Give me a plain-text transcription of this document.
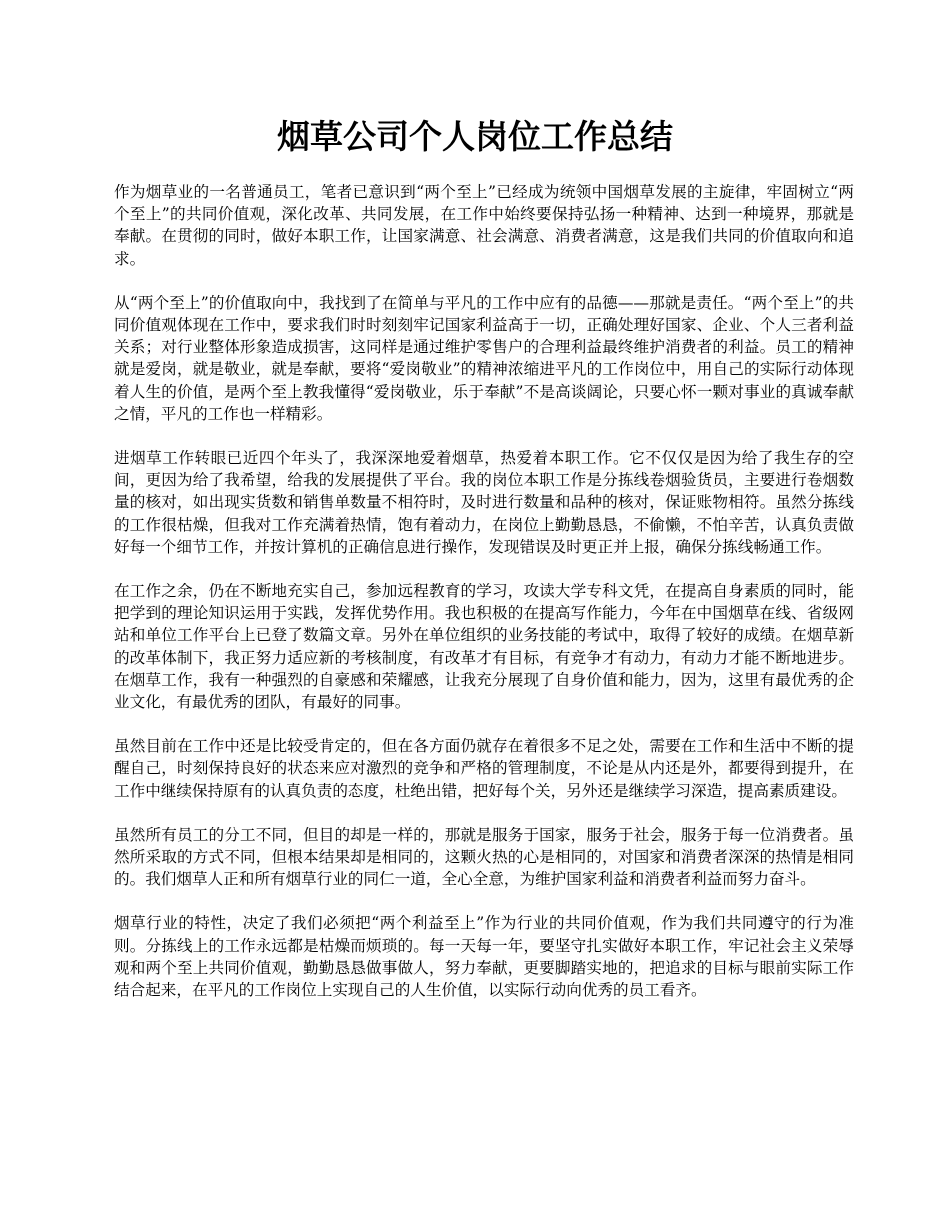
烟草公司个人岗位工作总结

作为烟草业的一名普通员工，笔者已意识到“两个至上”已经成为统领中国烟草发展的主旋律，牢固树立“两个至上”的共同价值观，深化改革、共同发展，在工作中始终要保持弘扬一种精神、达到一种境界，那就是奉献。在贯彻的同时，做好本职工作，让国家满意、社会满意、消费者满意，这是我们共同的价值取向和追求。

从“两个至上”的价值取向中，我找到了在简单与平凡的工作中应有的品德——那就是责任。“两个至上”的共同价值观体现在工作中，要求我们时时刻刻牢记国家利益高于一切，正确处理好国家、企业、个人三者利益关系；对行业整体形象造成损害，这同样是通过维护零售户的合理利益最终维护消费者的利益。员工的精神就是爱岗，就是敬业，就是奉献，要将“爱岗敬业”的精神浓缩进平凡的工作岗位中，用自己的实际行动体现着人生的价值，是两个至上教我懂得“爱岗敬业，乐于奉献”不是高谈阔论，只要心怀一颗对事业的真诚奉献之情，平凡的工作也一样精彩。

进烟草工作转眼已近四个年头了，我深深地爱着烟草，热爱着本职工作。它不仅仅是因为给了我生存的空间，更因为给了我希望，给我的发展提供了平台。我的岗位本职工作是分拣线卷烟验货员，主要进行卷烟数量的核对，如出现实货数和销售单数量不相符时，及时进行数量和品种的核对，保证账物相符。虽然分拣线的工作很枯燥，但我对工作充满着热情，饱有着动力，在岗位上勤勤恳恳，不偷懒，不怕辛苦，认真负责做好每一个细节工作，并按计算机的正确信息进行操作，发现错误及时更正并上报，确保分拣线畅通工作。

在工作之余，仍在不断地充实自己，参加远程教育的学习，攻读大学专科文凭，在提高自身素质的同时，能把学到的理论知识运用于实践，发挥优势作用。我也积极的在提高写作能力，今年在中国烟草在线、省级网站和单位工作平台上已登了数篇文章。另外在单位组织的业务技能的考试中，取得了较好的成绩。在烟草新的改革体制下，我正努力适应新的考核制度，有改革才有目标，有竞争才有动力，有动力才能不断地进步。在烟草工作，我有一种强烈的自豪感和荣耀感，让我充分展现了自身价值和能力，因为，这里有最优秀的企业文化，有最优秀的团队，有最好的同事。

虽然目前在工作中还是比较受肯定的，但在各方面仍就存在着很多不足之处，需要在工作和生活中不断的提醒自己，时刻保持良好的状态来应对激烈的竞争和严格的管理制度，不论是从内还是外，都要得到提升，在工作中继续保持原有的认真负责的态度，杜绝出错，把好每个关，另外还是继续学习深造，提高素质建设。

虽然所有员工的分工不同，但目的却是一样的，那就是服务于国家，服务于社会，服务于每一位消费者。虽然所采取的方式不同，但根本结果却是相同的，这颗火热的心是相同的，对国家和消费者深深的热情是相同的。我们烟草人正和所有烟草行业的同仁一道，全心全意，为维护国家利益和消费者利益而努力奋斗。

烟草行业的特性，决定了我们必须把“两个利益至上”作为行业的共同价值观，作为我们共同遵守的行为准则。分拣线上的工作永远都是枯燥而烦琐的。每一天每一年，要坚守扎实做好本职工作，牢记社会主义荣辱观和两个至上共同价值观，勤勤恳恳做事做人，努力奉献，更要脚踏实地的，把追求的目标与眼前实际工作结合起来，在平凡的工作岗位上实现自己的人生价值，以实际行动向优秀的员工看齐。
